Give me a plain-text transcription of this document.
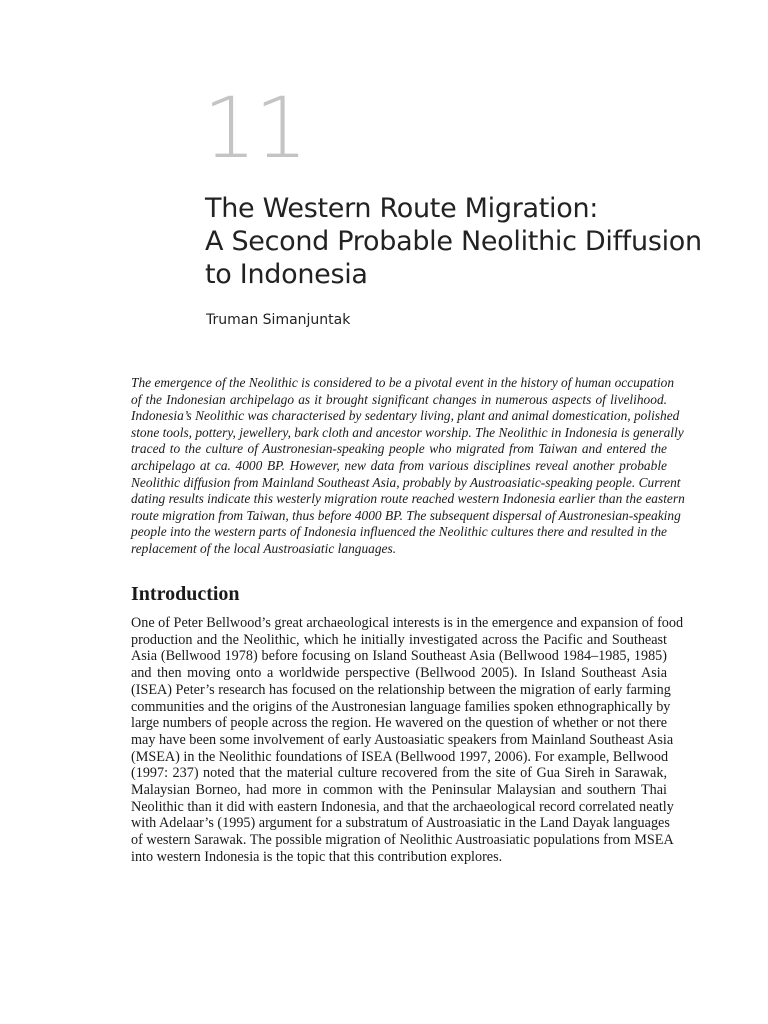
11
The Western Route Migration:
A Second Probable Neolithic Diffusion
to Indonesia
Truman Simanjuntak
The emergence of the Neolithic is considered to be a pivotal event in the history of human occupation
of the Indonesian archipelago as it brought significant changes in numerous aspects of livelihood.
Indonesia’s Neolithic was characterised by sedentary living, plant and animal domestication, polished
stone tools, pottery, jewellery, bark cloth and ancestor worship. The Neolithic in Indonesia is generally
traced to the culture of Austronesian-speaking people who migrated from Taiwan and entered the
archipelago at ca. 4000 BP. However, new data from various disciplines reveal another probable
Neolithic diffusion from Mainland Southeast Asia, probably by Austroasiatic-speaking people. Current
dating results indicate this westerly migration route reached western Indonesia earlier than the eastern
route migration from Taiwan, thus before 4000 BP. The subsequent dispersal of Austronesian-speaking
people into the western parts of Indonesia influenced the Neolithic cultures there and resulted in the
replacement of the local Austroasiatic languages.
Introduction
One of Peter Bellwood’s great archaeological interests is in the emergence and expansion of food
production and the Neolithic, which he initially investigated across the Pacific and Southeast
Asia (Bellwood 1978) before focusing on Island Southeast Asia (Bellwood 1984–1985, 1985)
and then moving onto a worldwide perspective (Bellwood 2005). In Island Southeast Asia
(ISEA) Peter’s research has focused on the relationship between the migration of early farming
communities and the origins of the Austronesian language families spoken ethnographically by
large numbers of people across the region. He wavered on the question of whether or not there
may have been some involvement of early Austoasiatic speakers from Mainland Southeast Asia
(MSEA) in the Neolithic foundations of ISEA (Bellwood 1997, 2006). For example, Bellwood
(1997: 237) noted that the material culture recovered from the site of Gua Sireh in Sarawak,
Malaysian Borneo, had more in common with the Peninsular Malaysian and southern Thai
Neolithic than it did with eastern Indonesia, and that the archaeological record correlated neatly
with Adelaar’s (1995) argument for a substratum of Austroasiatic in the Land Dayak languages
of western Sarawak. The possible migration of Neolithic Austroasiatic populations from MSEA
into western Indonesia is the topic that this contribution explores.
